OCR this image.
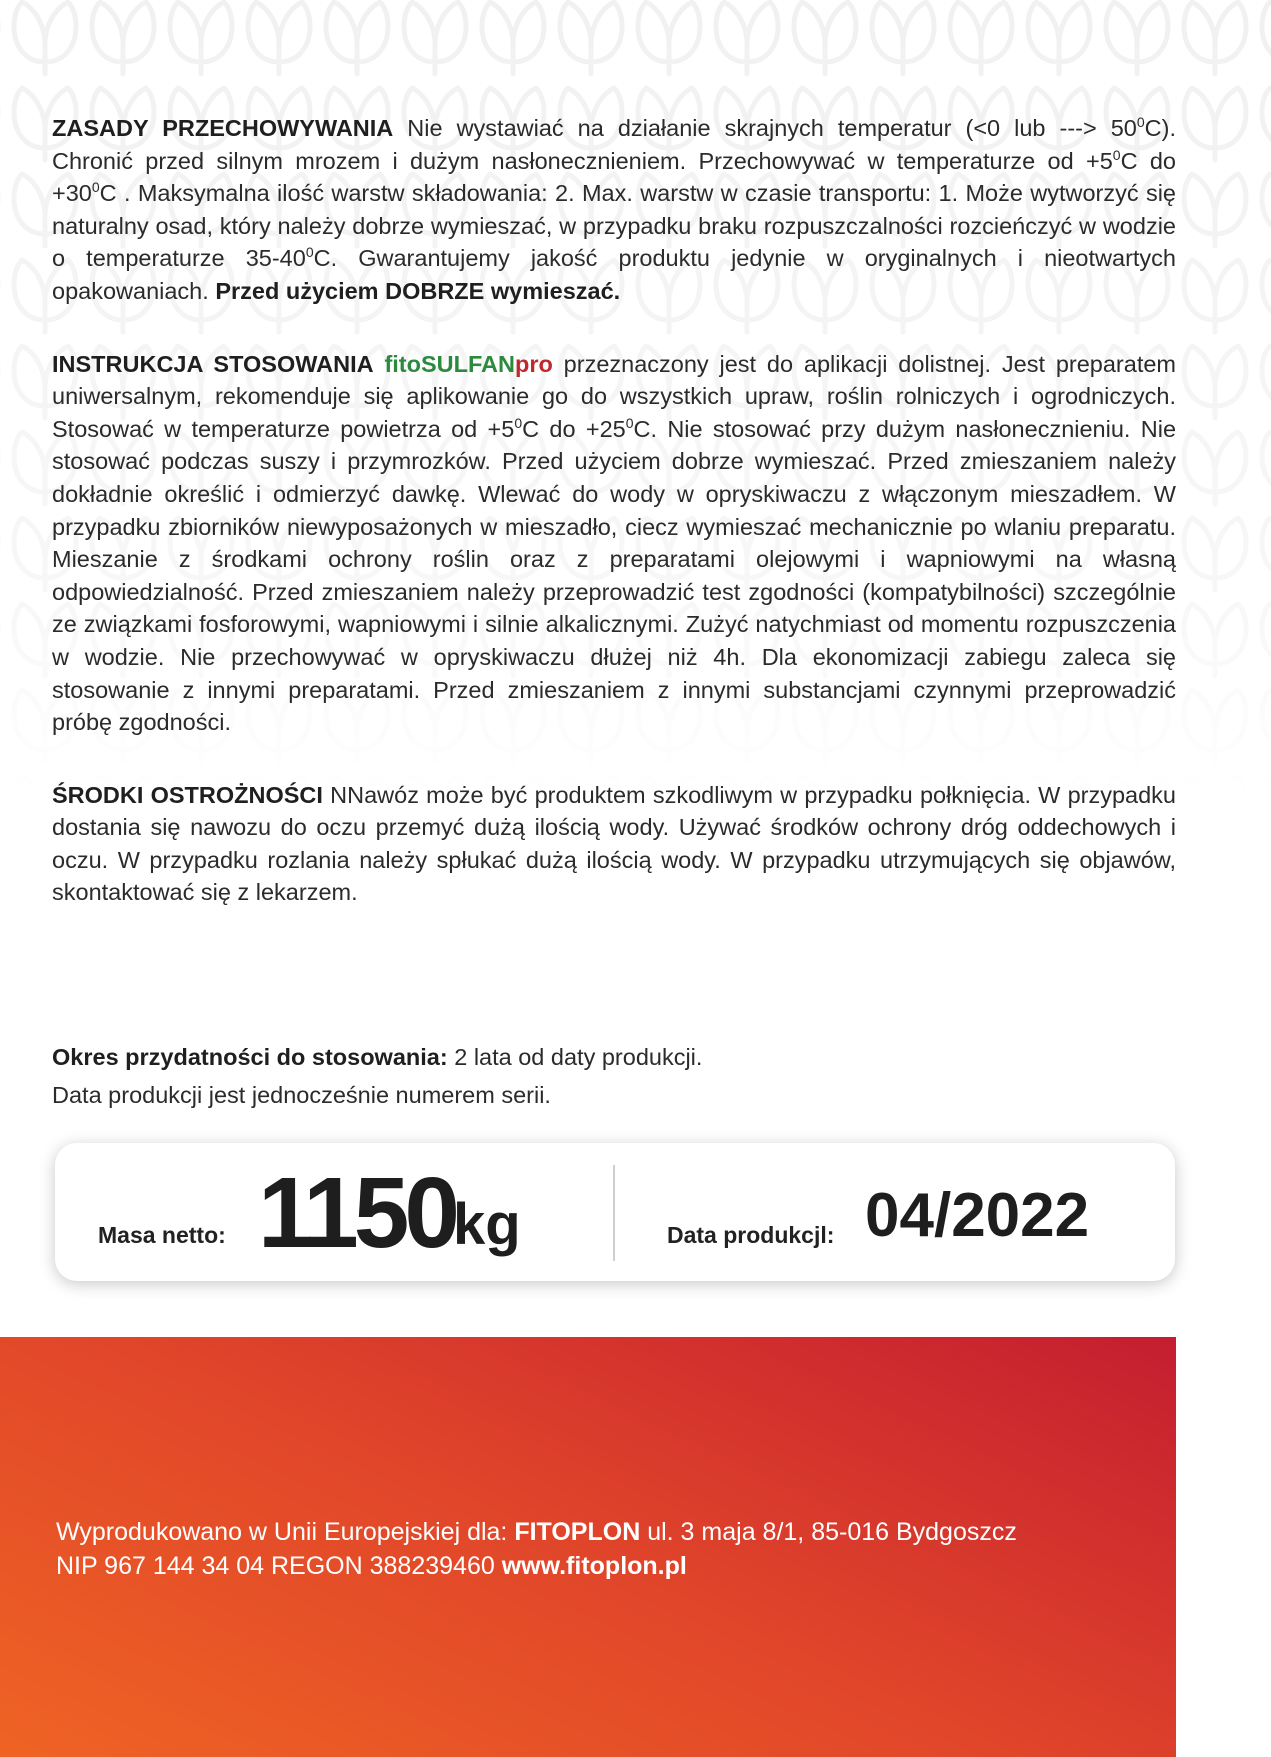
ZASADY PRZECHOWYWANIA Nie wystawiać na działanie skrajnych temperatur (<0 lub ---> $50^0C$). Chronić przed silnym mrozem i dużym nasłonecznieniem. Przechowywać w temperaturze od $+5^0C$ do $+30^0C$ . Maksymalna ilość warstw składowania: 2. Max. warstw w czasie transportu: 1. Może wytworzyć się naturalny osad, który należy dobrze wymieszać, w przypadku braku rozpuszczalności rozcieńczyć w wodzie o temperaturze $35-40^0C$. Gwarantujemy jakość produktu jedynie w oryginalnych i nieotwartych opakowaniach. Przed użyciem DOBRZE wymieszać.

INSTRUKCJA STOSOWANIA fitoSULFANpro przeznaczony jest do aplikacji dolistnej. Jest preparatem uniwersalnym, rekomenduje się aplikowanie go do wszystkich upraw, roślin rolniczych i ogrodniczych. Stosować w temperaturze powietrza od $+5^0C$ do $+25^0C$. Nie stosować przy dużym nasłonecznieniu. Nie stosować podczas suszy i przymrozków. Przed użyciem dobrze wymieszać. Przed zmieszaniem należy dokładnie określić i odmierzyć dawkę. Wlewać do wody w opryskiwaczu z włączonym mieszadłem. W przypadku zbiorników niewyposażonych w mieszadło, ciecz wymieszać mechanicznie po wlaniu preparatu. Mieszanie z środkami ochrony roślin oraz z preparatami olejowymi i wapniowymi na własną odpowiedzialność. Przed zmieszaniem należy przeprowadzić test zgodności (kompatybilności) szczególnie ze związkami fosforowymi, wapniowymi i silnie alkalicznymi. Zużyć natychmiast od momentu rozpuszczenia w wodzie. Nie przechowywać w opryskiwaczu dłużej niż 4h. Dla ekonomizacji zabiegu zaleca się stosowanie z innymi preparatami. Przed zmieszaniem z innymi substancjami czynnymi przeprowadzić próbę zgodności.

ŚRODKI OSTROŻNOŚCI NNawóz może być produktem szkodliwym w przypadku połknięcia. W przypadku dostania się nawozu do oczu przemyć dużą ilością wody. Używać środków ochrony dróg oddechowych i oczu. W przypadku rozlania należy spłukać dużą ilością wody. W przypadku utrzymujących się objawów, skontaktować się z lekarzem.

Okres przydatności do stosowania: 2 lata od daty produkcji.
Data produkcji jest jednocześnie numerem serii.
Masa netto: 1150
kg	Data produkcjl: 04/2022
Wyprodukowano w Unii Europejskiej dla: FITOPLON ul. 3 maja 8/1, 85-016 Bydgoszcz
NIP 967 144 34 04 REGON 388239460 www.fitoplon.pl
